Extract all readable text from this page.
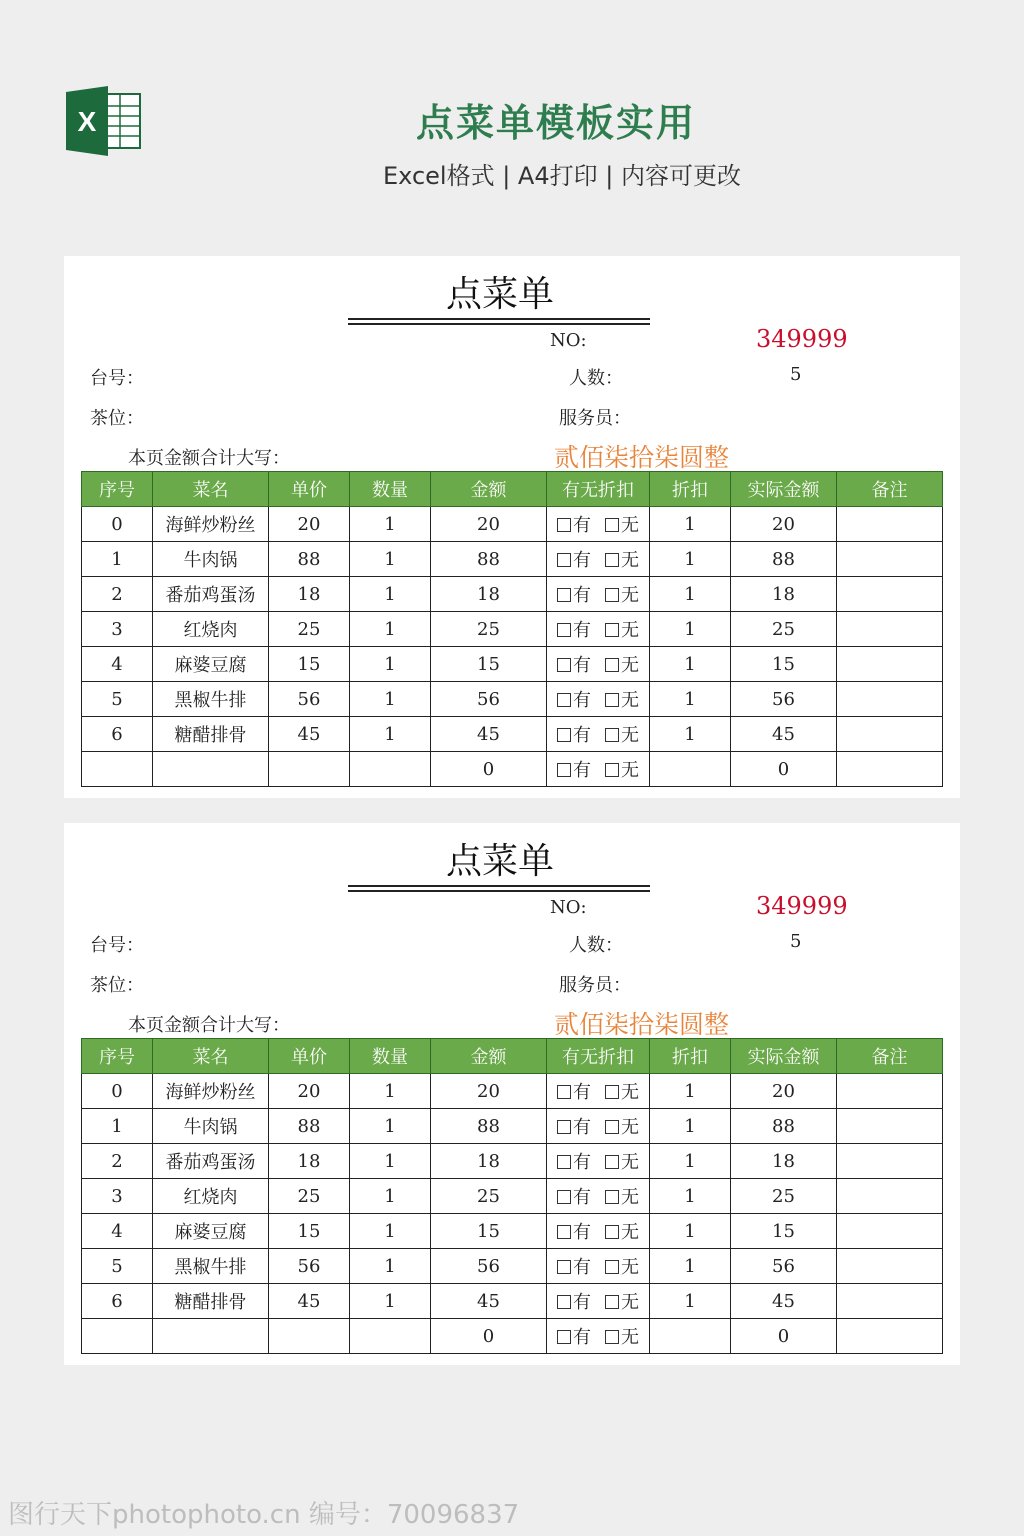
X	点菜单模板实用
Excel格式 | A4打印 | 内容可更改
点菜单
NO:	349999
台号：	人数：	5
茶位：	服务员：
本页金额合计大写：	贰佰柒拾柒圆整
序号	菜名	单价	数量	金额	有无折扣	折扣	实际金额	备注
0	海鲜炒粉丝	20	1	20	有 无	1	20	
1	牛肉锅	88	1	88	有 无	1	88	
2	番茄鸡蛋汤	18	1	18	有 无	1	18	
3	红烧肉	25	1	25	有 无	1	25	
4	麻婆豆腐	15	1	15	有 无	1	15	
5	黑椒牛排	56	1	56	有 无	1	56	
6	糖醋排骨	45	1	45	有 无	1	45	
				0	有 无		0	
点菜单
NO:	349999
台号：	人数：	5
茶位：	服务员：
本页金额合计大写：	贰佰柒拾柒圆整
序号	菜名	单价	数量	金额	有无折扣	折扣	实际金额	备注
0	海鲜炒粉丝	20	1	20	有 无	1	20	
1	牛肉锅	88	1	88	有 无	1	88	
2	番茄鸡蛋汤	18	1	18	有 无	1	18	
3	红烧肉	25	1	25	有 无	1	25	
4	麻婆豆腐	15	1	15	有 无	1	15	
5	黑椒牛排	56	1	56	有 无	1	56	
6	糖醋排骨	45	1	45	有 无	1	45	
				0	有 无		0	
图行天下photophoto.cn 编号：70096837
